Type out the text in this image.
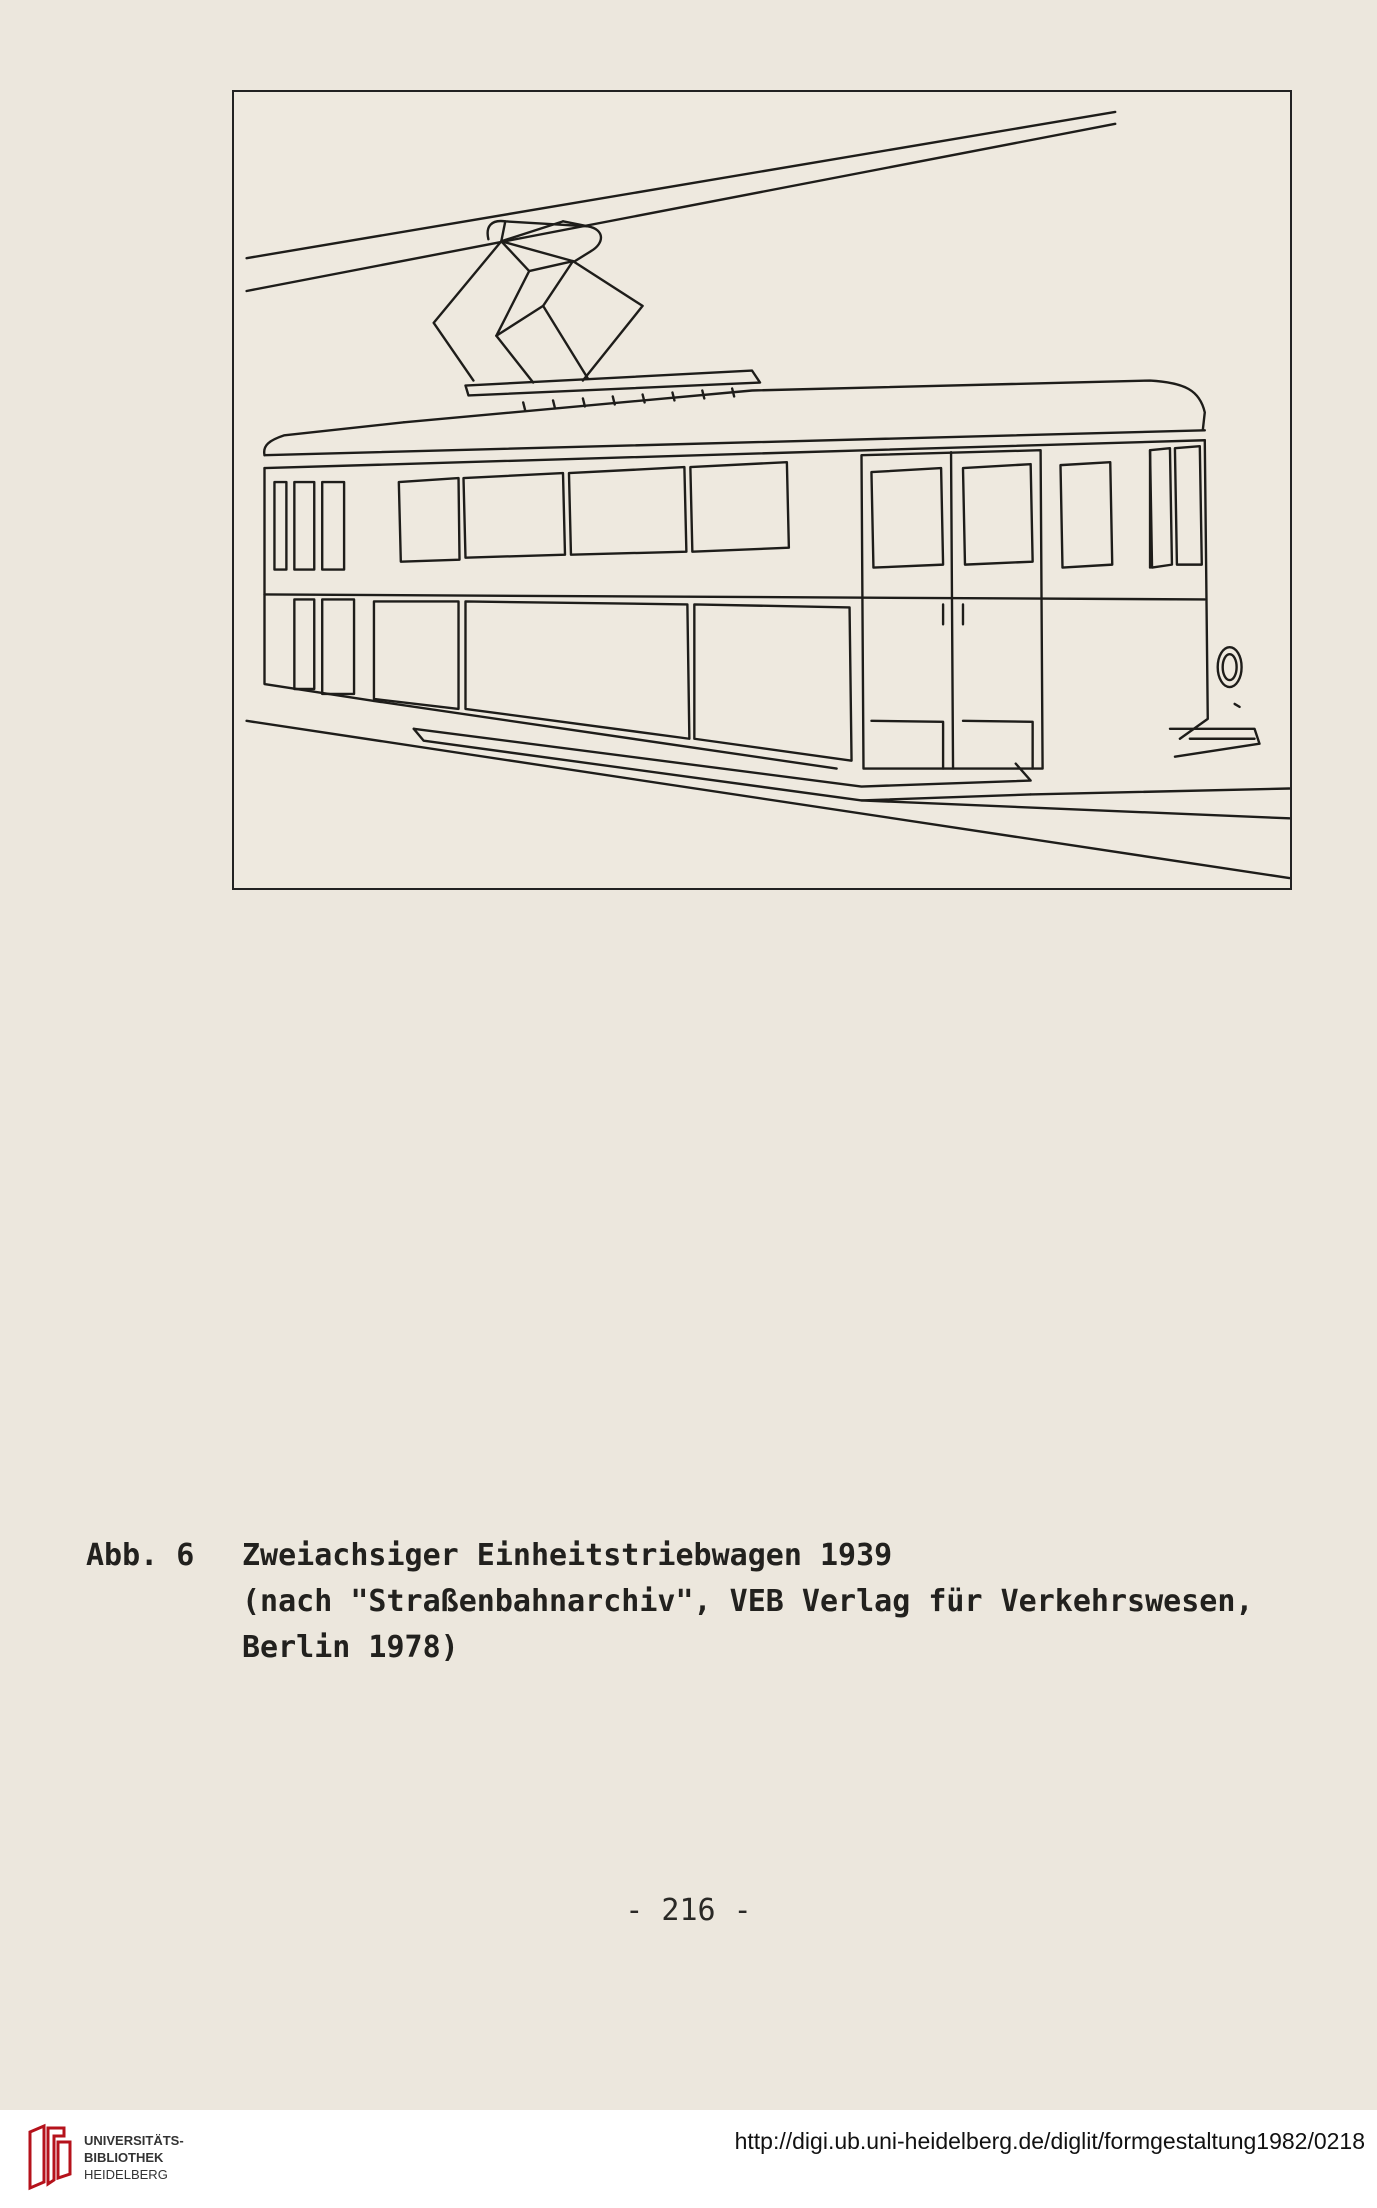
Abb. 6

Zweiachsiger Einheitstriebwagen 1939

(nach "Straßenbahnarchiv", VEB Verlag für Verkehrswesen,

Berlin 1978)

- 216 -
UNIVERSITÄTS-
BIBLIOTHEK
HEIDELBERG
http://digi.ub.uni-heidelberg.de/diglit/formgestaltung1982/0218
